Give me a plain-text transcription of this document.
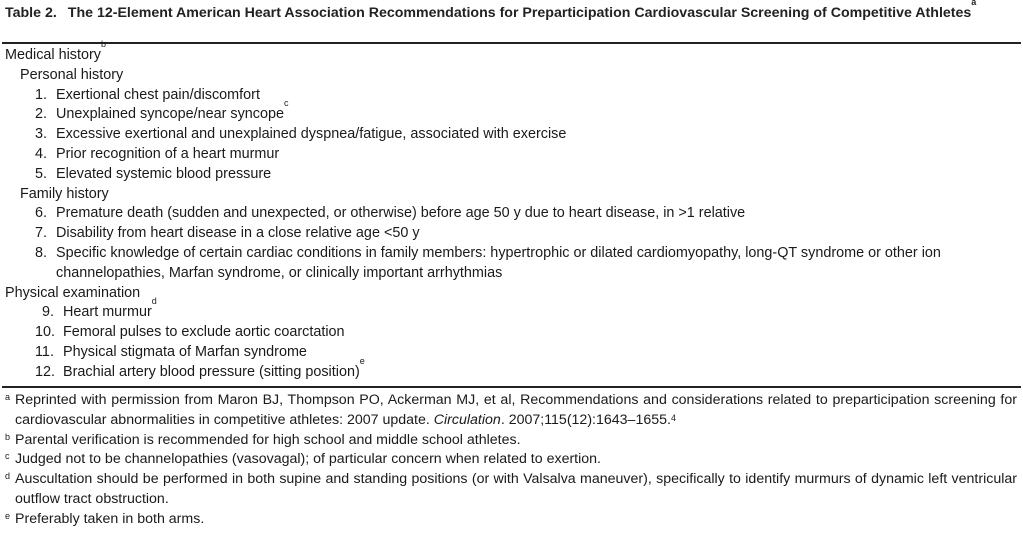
Table 2. The 12-Element American Heart Association Recommendations for Preparticipation Cardiovascular Screening of Competitive Athletes$^a$
Medical history$^b$
Personal history
1. Exertional chest pain/discomfort
2. Unexplained syncope/near syncope$^c$
3. Excessive exertional and unexplained dyspnea/fatigue, associated with exercise
4. Prior recognition of a heart murmur
5. Elevated systemic blood pressure
Family history
6. Premature death (sudden and unexpected, or otherwise) before age 50 y due to heart disease, in >1 relative
7. Disability from heart disease in a close relative age <50 y
8. Specific knowledge of certain cardiac conditions in family members: hypertrophic or dilated cardiomyopathy, long-QT syndrome or other ion channelopathies, Marfan syndrome, or clinically important arrhythmias
Physical examination
9. Heart murmur$^d$
10. Femoral pulses to exclude aortic coarctation
11. Physical stigmata of Marfan syndrome
12. Brachial artery blood pressure (sitting position)$^e$
a Reprinted with permission from Maron BJ, Thompson PO, Ackerman MJ, et al, Recommendations and considerations related to preparticipation screening for cardiovascular abnormalities in competitive athletes: 2007 update. Circulation. 2007;115(12):1643–1655.$^4$
b Parental verification is recommended for high school and middle school athletes.
c Judged not to be channelopathies (vasovagal); of particular concern when related to exertion.
d Auscultation should be performed in both supine and standing positions (or with Valsalva maneuver), specifically to identify murmurs of dynamic left ventricular outflow tract obstruction.
e Preferably taken in both arms.
